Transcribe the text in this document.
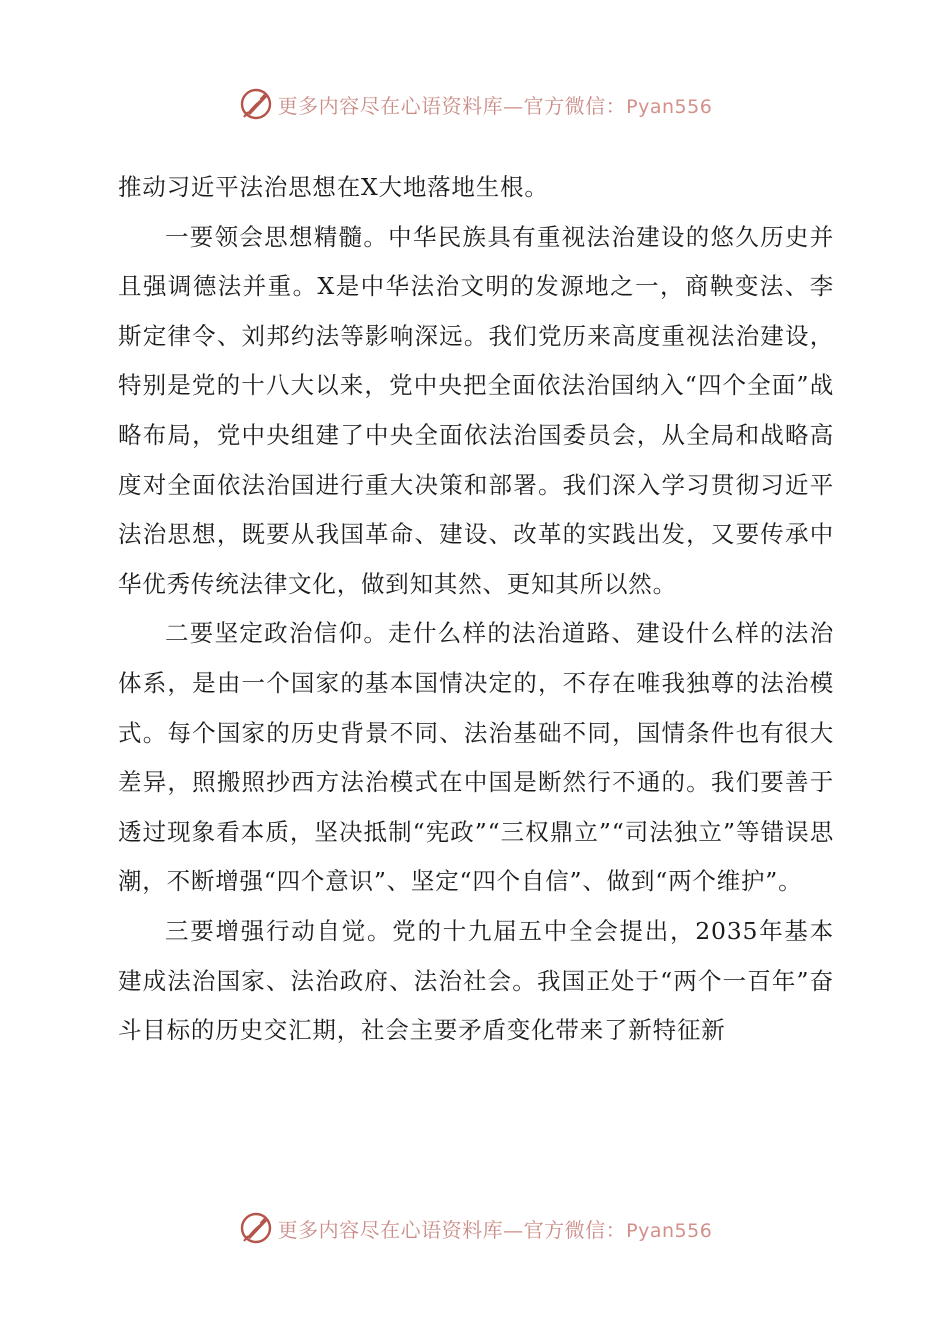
更多内容尽在心语资料库—官方微信：Pyan556

推动习近平法治思想在X大地落地生根。

一要领会思想精髓。中华民族具有重视法治建设的悠久历史并且强调德法并重。X是中华法治文明的发源地之一，商鞅变法、李斯定律令、刘邦约法等影响深远。我们党历来高度重视法治建设，特别是党的十八大以来，党中央把全面依法治国纳入“四个全面”战略布局，党中央组建了中央全面依法治国委员会，从全局和战略高度对全面依法治国进行重大决策和部署。我们深入学习贯彻习近平法治思想，既要从我国革命、建设、改革的实践出发，又要传承中华优秀传统法律文化，做到知其然、更知其所以然。

二要坚定政治信仰。走什么样的法治道路、建设什么样的法治体系，是由一个国家的基本国情决定的，不存在唯我独尊的法治模式。每个国家的历史背景不同、法治基础不同，国情条件也有很大差异，照搬照抄西方法治模式在中国是断然行不通的。我们要善于透过现象看本质，坚决抵制“宪政”“三权鼎立”“司法独立”等错误思潮，不断增强“四个意识”、坚定“四个自信”、做到“两个维护”。

三要增强行动自觉。党的十九届五中全会提出，2035年基本建成法治国家、法治政府、法治社会。我国正处于“两个一百年”奋斗目标的历史交汇期，社会主要矛盾变化带来了新特征新

更多内容尽在心语资料库—官方微信：Pyan556
